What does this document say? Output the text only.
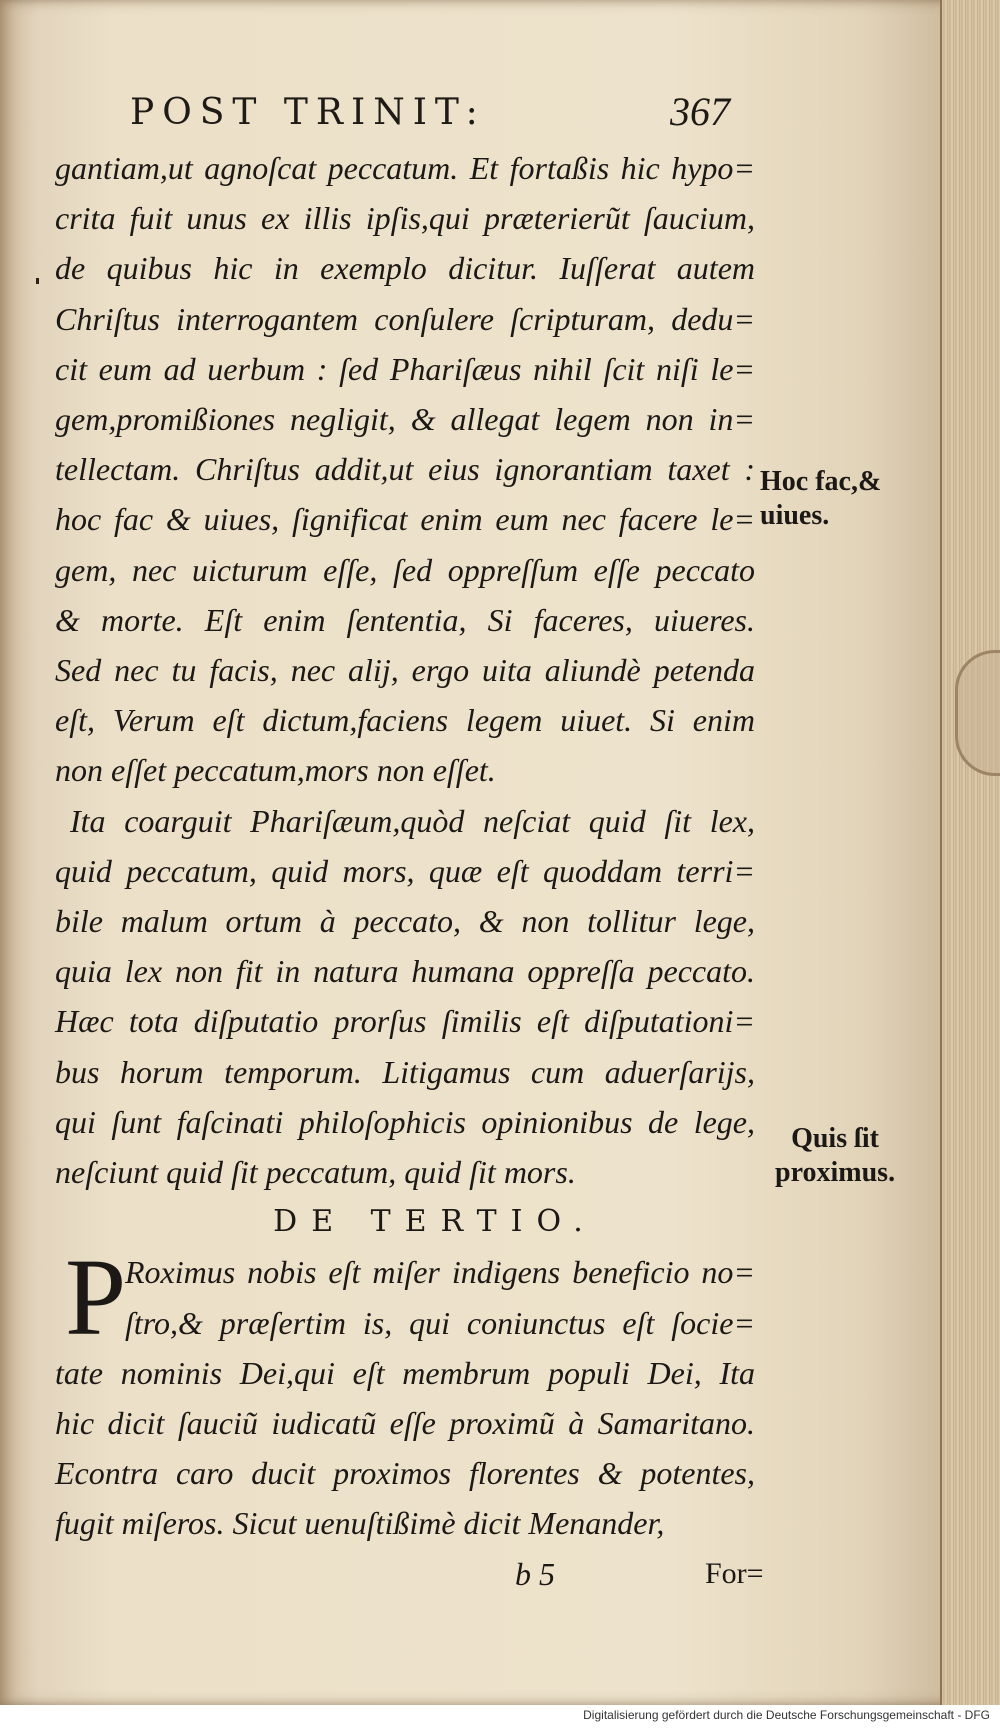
POST TRINIT:	367
gantiam,ut agnoſcat peccatum. Et fortaßis hic hypo=
crita fuit unus ex illis ipſis,qui præterierũt ſaucium,
de quibus hic in exemplo dicitur. Iuſſerat autem
Chriſtus interrogantem conſulere ſcripturam, dedu=
cit eum ad uerbum : ſed Phariſæus nihil ſcit niſi le=
gem,promißiones negligit, & allegat legem non in=
tellectam. Chriſtus addit,ut eius ignorantiam taxet :
hoc fac & uiues, ſignificat enim eum nec facere le=
gem, nec uicturum eſſe, ſed oppreſſum eſſe peccato
& morte. Eſt enim ſententia, Si faceres, uiueres.
Sed nec tu facis, nec alij, ergo uita aliundè petenda
eſt, Verum eſt dictum,faciens legem uiuet. Si enim
non eſſet peccatum,mors non eſſet.
Ita coarguit Phariſæum,quòd neſciat quid ſit lex,
quid peccatum, quid mors, quæ eſt quoddam terri=
bile malum ortum à peccato, & non tollitur lege,
quia lex non fit in natura humana oppreſſa peccato.
Hæc tota diſputatio prorſus ſimilis eſt diſputationi=
bus horum temporum. Litigamus cum aduerſarijs,
qui ſunt faſcinati philoſophicis opinionibus de lege,
neſciunt quid ſit peccatum, quid ſit mors.
DE TERTIO.
P
Roximus nobis eſt miſer indigens beneficio no=
ſtro,& præſertim is, qui coniunctus eſt ſocie=
tate nominis Dei,qui eſt membrum populi Dei, Ita
hic dicit ſauciũ iudicatũ eſſe proximũ à Samaritano.
Econtra caro ducit proximos florentes & potentes,
fugit miſeros. Sicut uenuſtißimè dicit Menander,
b 5	For=
Hoc fac,&
uiues.
Quis ſit
proximus.
Digitalisierung gefördert durch die Deutsche Forschungsgemeinschaft - DFG
